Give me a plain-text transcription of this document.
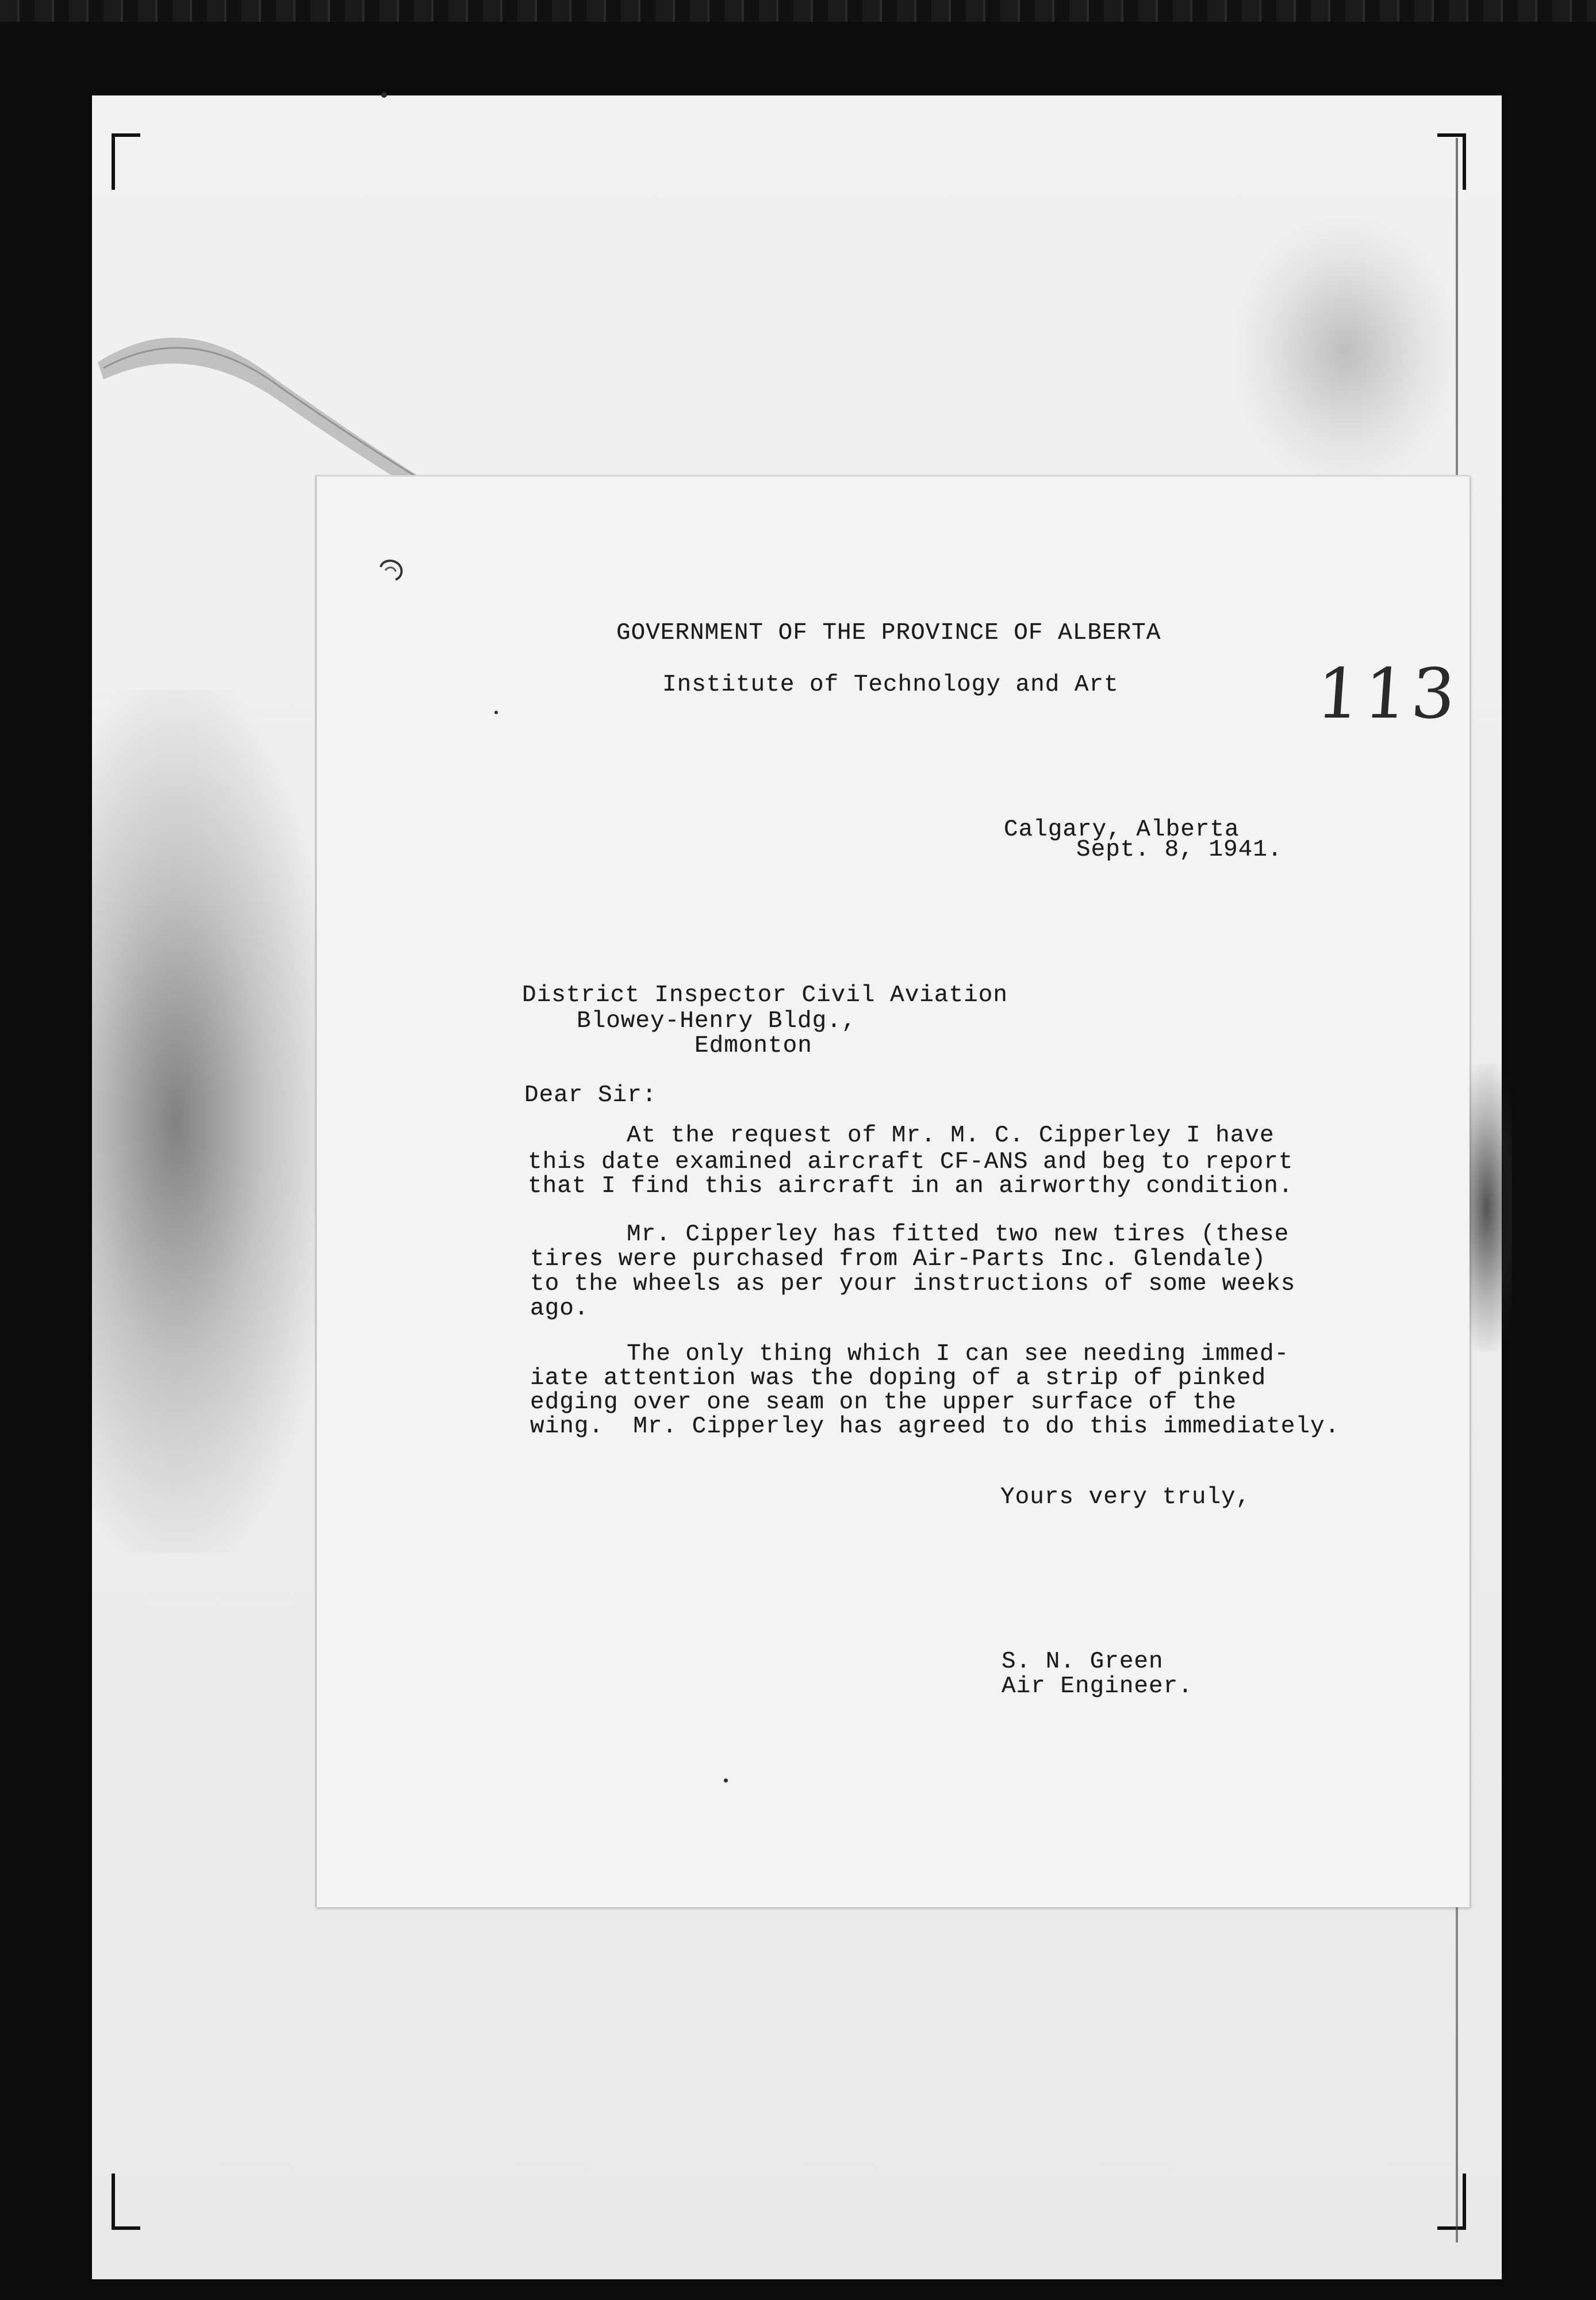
GOVERNMENT OF THE PROVINCE OF ALBERTA
Institute of Technology and Art	113
Calgary, Alberta
Sept. 8, 1941.
District Inspector Civil Aviation
Blowey-Henry Bldg.,
Edmonton
Dear Sir:
At the request of Mr. M. C. Cipperley I have
this date examined aircraft CF-ANS and beg to report
that I find this aircraft in an airworthy condition.
Mr. Cipperley has fitted two new tires (these
tires were purchased from Air-Parts Inc. Glendale)
to the wheels as per your instructions of some weeks
ago.
The only thing which I can see needing immed-
iate attention was the doping of a strip of pinked
edging over one seam on the upper surface of the
wing.  Mr. Cipperley has agreed to do this immediately.
Yours very truly,
S. N. Green
Air Engineer.
